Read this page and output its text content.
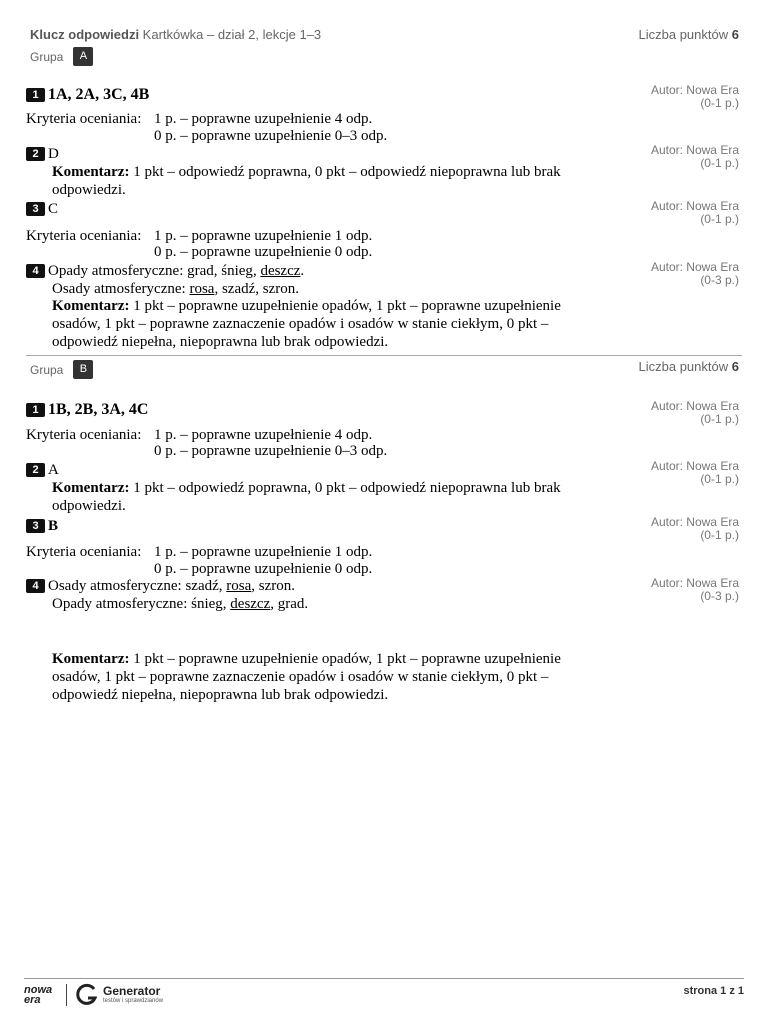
Klucz odpowiedzi Kartkówka – dział 2, lekcje 1–3	Liczba punktów 6
Grupa	A
1 1A, 2A, 3C, 4B	Autor: Nowa Era
(0-1 p.)
Kryteria oceniania: 1 p. – poprawne uzupełnienie 4 odp.
0 p. – poprawne uzupełnienie 0–3 odp.
2 D	Autor: Nowa Era
(0-1 p.)
Komentarz: 1 pkt – odpowiedź poprawna, 0 pkt – odpowiedź niepoprawna lub brak
odpowiedzi.
3 C	Autor: Nowa Era
(0-1 p.)
Kryteria oceniania: 1 p. – poprawne uzupełnienie 1 odp.
0 p. – poprawne uzupełnienie 0 odp.
4 Opady atmosferyczne: grad, śnieg, deszcz.	Autor: Nowa Era
(0-3 p.)
Osady atmosferyczne: rosa, szadź, szron.
Komentarz: 1 pkt – poprawne uzupełnienie opadów, 1 pkt – poprawne uzupełnienie
osadów, 1 pkt – poprawne zaznaczenie opadów i osadów w stanie ciekłym, 0 pkt –
odpowiedź niepełna, niepoprawna lub brak odpowiedzi.
Grupa	B	Liczba punktów 6
1 1B, 2B, 3A, 4C	Autor: Nowa Era
(0-1 p.)
Kryteria oceniania: 1 p. – poprawne uzupełnienie 4 odp.
0 p. – poprawne uzupełnienie 0–3 odp.
2 A	Autor: Nowa Era
(0-1 p.)
Komentarz: 1 pkt – odpowiedź poprawna, 0 pkt – odpowiedź niepoprawna lub brak
odpowiedzi.
3 B	Autor: Nowa Era
(0-1 p.)
Kryteria oceniania: 1 p. – poprawne uzupełnienie 1 odp.
0 p. – poprawne uzupełnienie 0 odp.
4 Osady atmosferyczne: szadź, rosa, szron.	Autor: Nowa Era
(0-3 p.)
Opady atmosferyczne: śnieg, deszcz, grad.
Komentarz: 1 pkt – poprawne uzupełnienie opadów, 1 pkt – poprawne uzupełnienie
osadów, 1 pkt – poprawne zaznaczenie opadów i osadów w stanie ciekłym, 0 pkt –
odpowiedź niepełna, niepoprawna lub brak odpowiedzi.
nowa era
Generator
testów i sprawdzianów
strona 1 z 1
